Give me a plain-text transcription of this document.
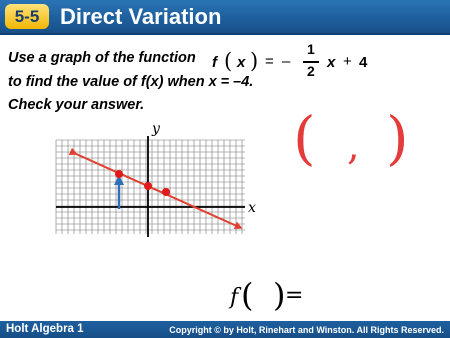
5-5 Direct Variation
Use a graph of the function
to find the value of f(x) when x = –4.
Check your answer.
f ( x ) = –
1
2 x + 4
y
x
( , )
f ( ) =
Holt Algebra 1	Copyright © by Holt, Rinehart and Winston. All Rights Reserved.
